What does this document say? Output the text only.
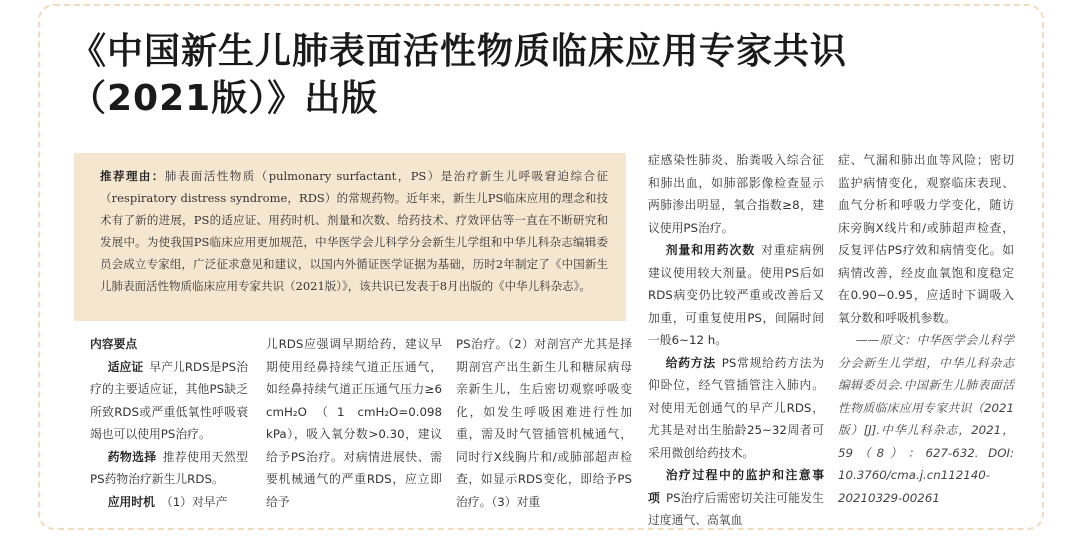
《中国新生儿肺表面活性物质临床应用专家共识
（2021版）》出版
推荐理由：肺表面活性物质（pulmonary surfactant，PS）是治疗新生儿呼吸窘迫综合征（respiratory distress syndrome，RDS）的常规药物。近年来，新生儿PS临床应用的理念和技术有了新的进展，PS的适应证、用药时机、剂量和次数、给药技术、疗效评估等一直在不断研究和发展中。为使我国PS临床应用更加规范，中华医学会儿科学分会新生儿学组和中华儿科杂志编辑委员会成立专家组，广泛征求意见和建议，以国内外循证医学证据为基础，历时2年制定了《中国新生儿肺表面活性物质临床应用专家共识（2021版）》，该共识已发表于8月出版的《中华儿科杂志》。

内容要点

适应证 早产儿RDS是PS治疗的主要适应证，其他PS缺乏所致RDS或严重低氧性呼吸衰竭也可以使用PS治疗。

药物选择 推荐使用天然型PS药物治疗新生儿RDS。

应用时机 （1）对早产

儿RDS应强调早期给药，建议早期使用经鼻持续气道正压通气，如经鼻持续气道正压通气压力≥6 cmH₂O（1 cmH₂O=0.098 kPa），吸入氧分数>0.30，建议给予PS治疗。对病情进展快、需要机械通气的严重RDS，应立即给予

PS治疗。（2）对剖宫产尤其是择期剖宫产出生新生儿和糖尿病母亲新生儿，生后密切观察呼吸变化，如发生呼吸困难进行性加重，需及时气管插管机械通气，同时行X线胸片和/或肺部超声检查，如显示RDS变化，即给予PS治疗。（3）对重

症感染性肺炎、胎粪吸入综合征和肺出血，如肺部影像检查显示两肺渗出明显，氧合指数≥8，建议使用PS治疗。

剂量和用药次数 对重症病例建议使用较大剂量。使用PS后如RDS病变仍比较严重或改善后又加重，可重复使用PS，间隔时间一般6~12 h。

给药方法 PS常规给药方法为仰卧位，经气管插管注入肺内。对使用无创通气的早产儿RDS，尤其是对出生胎龄25~32周者可采用微创给药技术。

治疗过程中的监护和注意事项 PS治疗后需密切关注可能发生过度通气、高氧血

症、气漏和肺出血等风险；密切监护病情变化，观察临床表现、血气分析和呼吸力学变化，随访床旁胸X线片和/或肺超声检查，反复评估PS疗效和病情变化。如病情改善，经皮血氧饱和度稳定在0.90~0.95，应适时下调吸入氧分数和呼吸机参数。

——原文：中华医学会儿科学分会新生儿学组，中华儿科杂志编辑委员会.中国新生儿肺表面活性物质临床应用专家共识（2021版）[J].中华儿科杂志，2021，59（8）：627-632. DOI: 10.3760/cma.j.cn112140-20210329-00261
